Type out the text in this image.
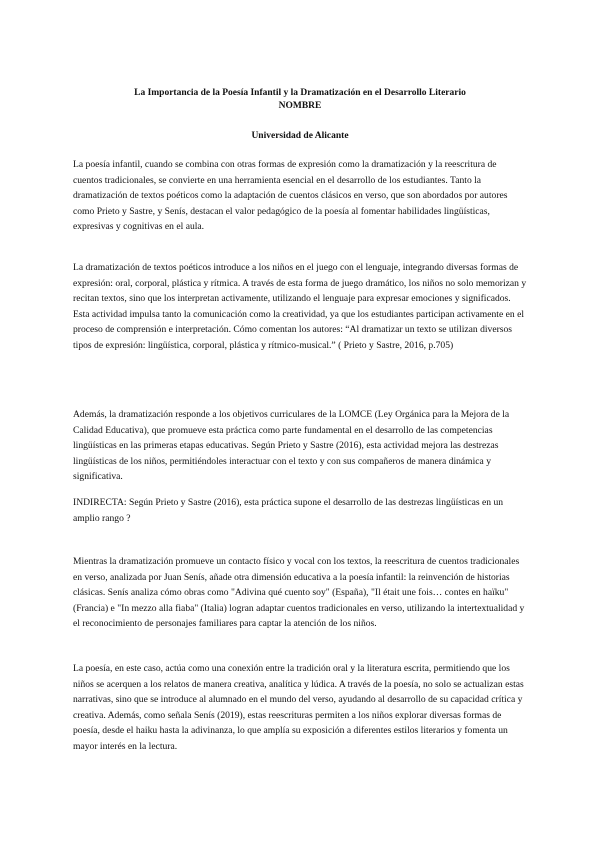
La Importancia de la Poesía Infantil y la Dramatización en el Desarrollo Literario
NOMBRE
Universidad de Alicante
La poesía infantil, cuando se combina con otras formas de expresión como la dramatización y la reescritura de cuentos tradicionales, se convierte en una herramienta esencial en el desarrollo de los estudiantes. Tanto la dramatización de textos poéticos como la adaptación de cuentos clásicos en verso, que son abordados por autores como Prieto y Sastre, y Senís, destacan el valor pedagógico de la poesía al fomentar habilidades lingüísticas, expresivas y cognitivas en el aula.
La dramatización de textos poéticos introduce a los niños en el juego con el lenguaje, integrando diversas formas de expresión: oral, corporal, plástica y rítmica. A través de esta forma de juego dramático, los niños no solo memorizan y recitan textos, sino que los interpretan activamente, utilizando el lenguaje para expresar emociones y significados. Esta actividad impulsa tanto la comunicación como la creatividad, ya que los estudiantes participan activamente en el proceso de comprensión e interpretación. Cómo comentan los autores: “Al dramatizar un texto se utilizan diversos tipos de expresión: lingüística, corporal, plástica y rítmico-musical.” ( Prieto y Sastre, 2016, p.705)
Además, la dramatización responde a los objetivos curriculares de la LOMCE (Ley Orgánica para la Mejora de la Calidad Educativa), que promueve esta práctica como parte fundamental en el desarrollo de las competencias lingüísticas en las primeras etapas educativas. Según Prieto y Sastre (2016), esta actividad mejora las destrezas lingüísticas de los niños, permitiéndoles interactuar con el texto y con sus compañeros de manera dinámica y significativa.
INDIRECTA: Según Prieto y Sastre (2016), esta práctica supone el desarrollo de las destrezas lingüísticas en un amplio rango ?
Mientras la dramatización promueve un contacto físico y vocal con los textos, la reescritura de cuentos tradicionales en verso, analizada por Juan Senís, añade otra dimensión educativa a la poesía infantil: la reinvención de historias clásicas. Senís analiza cómo obras como "Adivina qué cuento soy" (España), "Il était une fois… contes en haïku"(Francia) e "In mezzo alla fiaba" (Italia) logran adaptar cuentos tradicionales en verso, utilizando la intertextualidad y el reconocimiento de personajes familiares para captar la atención de los niños.
La poesía, en este caso, actúa como una conexión entre la tradición oral y la literatura escrita, permitiendo que los niños se acerquen a los relatos de manera creativa, analítica y lúdica. A través de la poesía, no solo se actualizan estas narrativas, sino que se introduce al alumnado en el mundo del verso, ayudando al desarrollo de su capacidad crítica y creativa. Además, como señala Senís (2019), estas reescrituras permiten a los niños explorar diversas formas de poesía, desde el haiku hasta la adivinanza, lo que amplía su exposición a diferentes estilos literarios y fomenta un mayor interés en la lectura.
